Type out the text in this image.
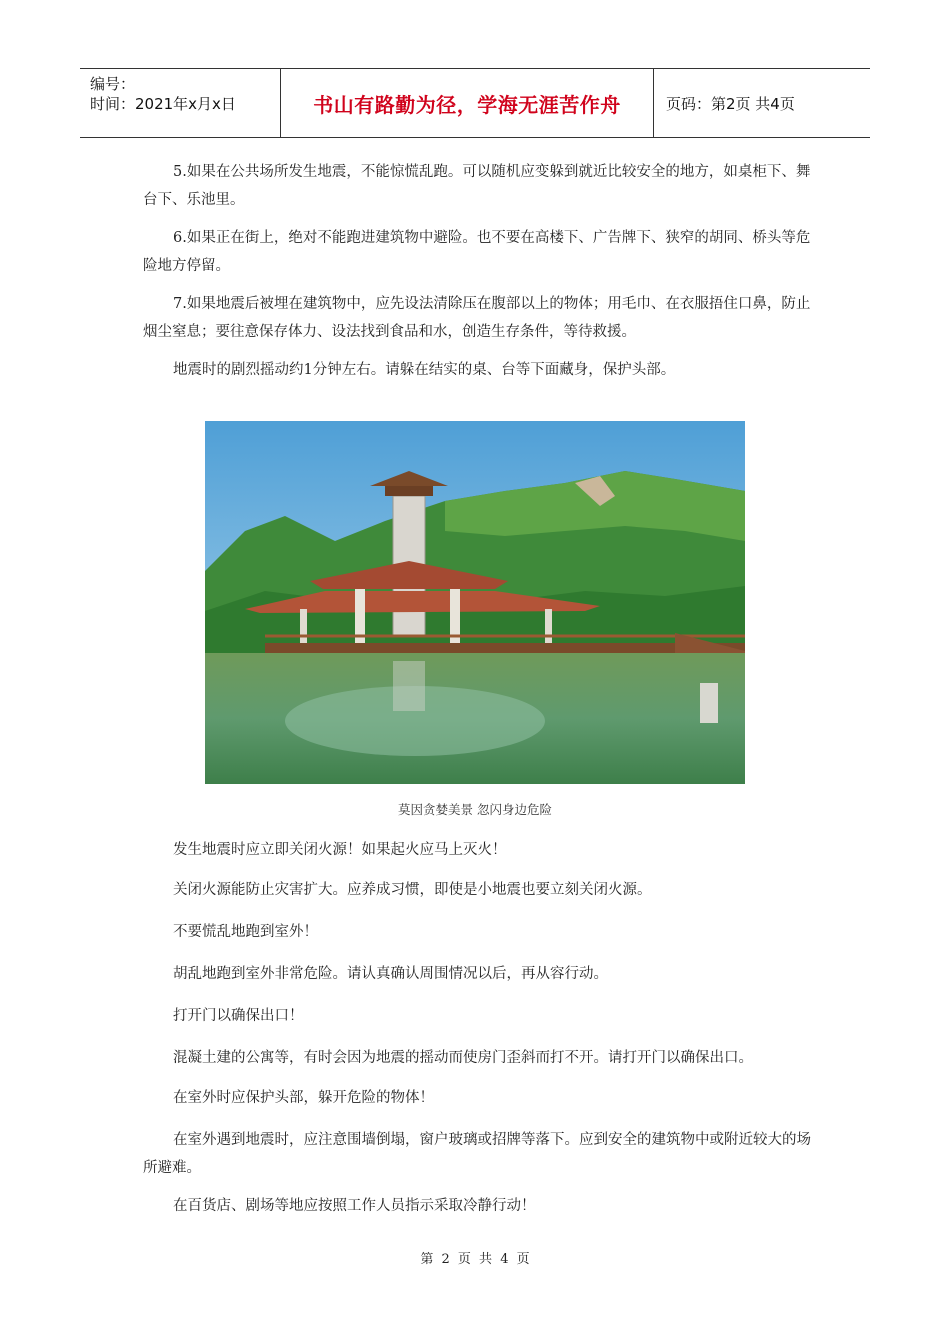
编号：
时间：2021年x月x日	书山有路勤为径，学海无涯苦作舟	页码：第2页 共4页

5.如果在公共场所发生地震，不能惊慌乱跑。可以随机应变躲到就近比较安全的地方，如桌柜下、舞台下、乐池里。

6.如果正在街上，绝对不能跑进建筑物中避险。也不要在高楼下、广告牌下、狭窄的胡同、桥头等危险地方停留。

7.如果地震后被埋在建筑物中，应先设法清除压在腹部以上的物体；用毛巾、在衣服捂住口鼻，防止烟尘窒息；要往意保存体力、设法找到食品和水，创造生存条件，等待救援。

地震时的剧烈摇动约1分钟左右。请躲在结实的桌、台等下面藏身，保护头部。

莫因贪婪美景 忽闪身边危险

发生地震时应立即关闭火源！如果起火应马上灭火！

关闭火源能防止灾害扩大。应养成习惯，即使是小地震也要立刻关闭火源。

不要慌乱地跑到室外！

胡乱地跑到室外非常危险。请认真确认周围情况以后，再从容行动。

打开门以确保出口！

混凝土建的公寓等，有时会因为地震的摇动而使房门歪斜而打不开。请打开门以确保出口。

在室外时应保护头部，躲开危险的物体！

在室外遇到地震时，应注意围墙倒塌，窗户玻璃或招牌等落下。应到安全的建筑物中或附近较大的场所避难。

在百货店、剧场等地应按照工作人员指示采取冷静行动！

第 2 页 共 4 页
